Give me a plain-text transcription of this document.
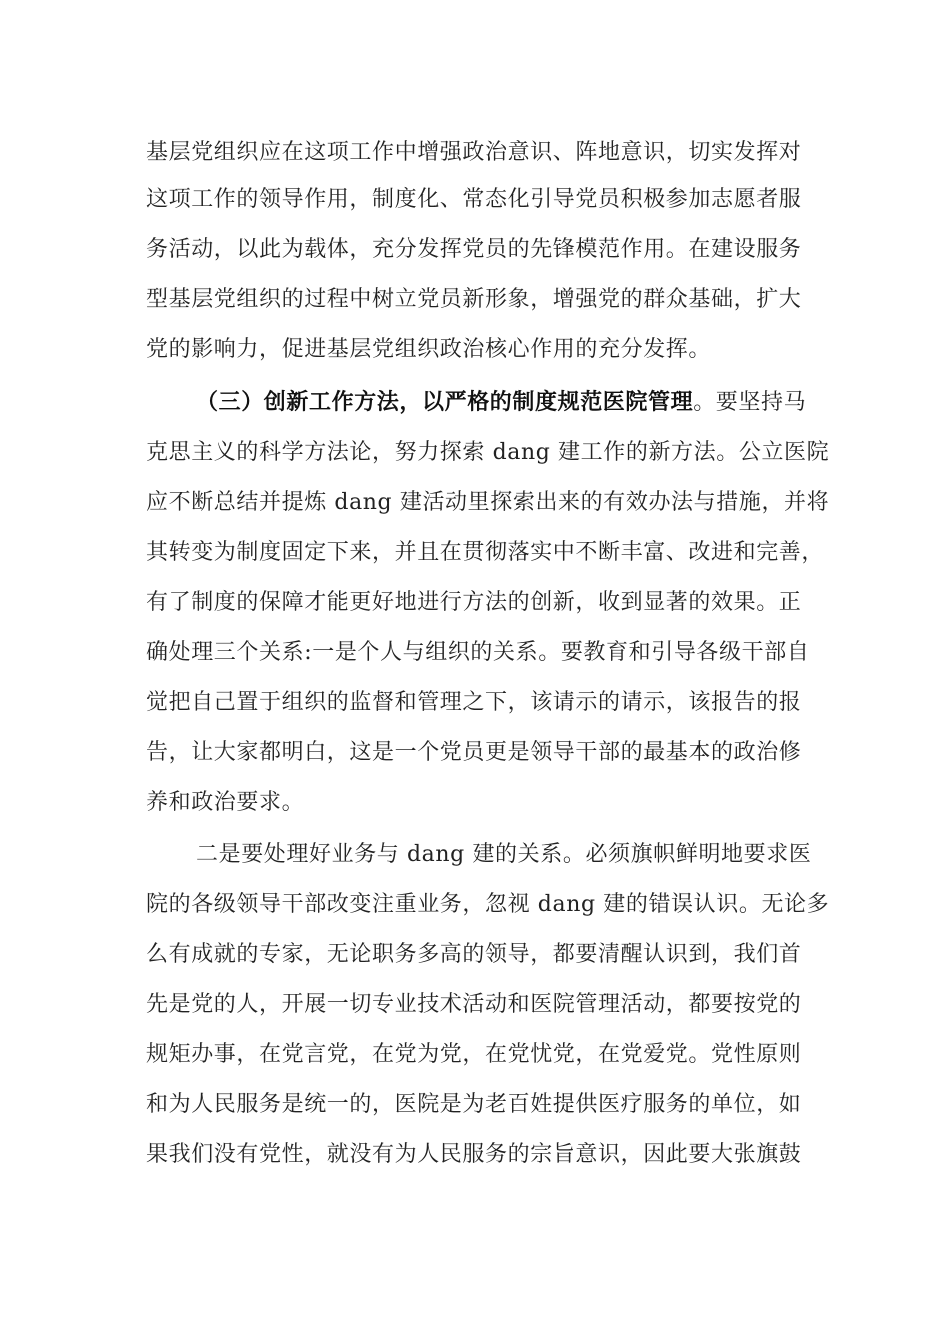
基层党组织应在这项工作中增强政治意识、阵地意识，切实发挥对
这项工作的领导作用，制度化、常态化引导党员积极参加志愿者服
务活动，以此为载体，充分发挥党员的先锋模范作用。在建设服务
型基层党组织的过程中树立党员新形象，增强党的群众基础，扩大
党的影响力，促进基层党组织政治核心作用的充分发挥。
（三）创新工作方法，以严格的制度规范医院管理。要坚持马
克思主义的科学方法论，努力探索 dang 建工作的新方法。公立医院
应不断总结并提炼 dang 建活动里探索出来的有效办法与措施，并将
其转变为制度固定下来，并且在贯彻落实中不断丰富、改进和完善，
有了制度的保障才能更好地进行方法的创新，收到显著的效果。正
确处理三个关系:一是个人与组织的关系。要教育和引导各级干部自
觉把自己置于组织的监督和管理之下，该请示的请示，该报告的报
告，让大家都明白，这是一个党员更是领导干部的最基本的政治修
养和政治要求。
二是要处理好业务与 dang 建的关系。必须旗帜鲜明地要求医
院的各级领导干部改变注重业务，忽视 dang 建的错误认识。无论多
么有成就的专家，无论职务多高的领导，都要清醒认识到，我们首
先是党的人，开展一切专业技术活动和医院管理活动，都要按党的
规矩办事，在党言党，在党为党，在党忧党，在党爱党。党性原则
和为人民服务是统一的，医院是为老百姓提供医疗服务的单位，如
果我们没有党性，就没有为人民服务的宗旨意识，因此要大张旗鼓
